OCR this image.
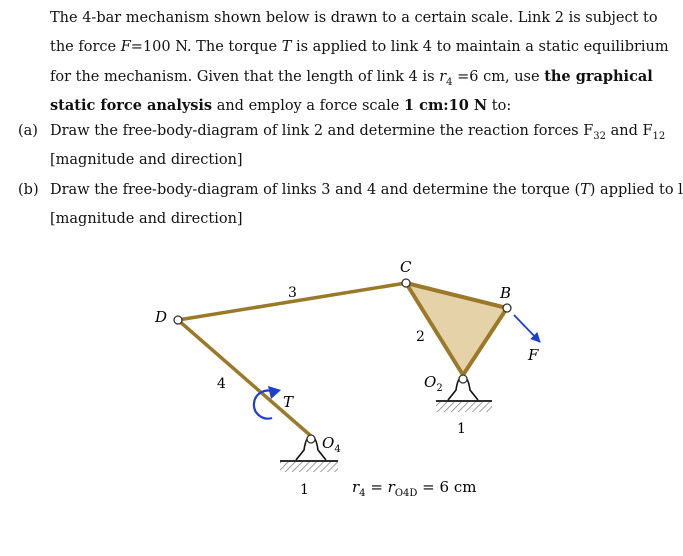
The 4-bar mechanism shown below is drawn to a certain scale. Link 2 is subject to
the force F=100 N. The torque T is applied to link 4 to maintain a static equilibrium
for the mechanism. Given that the length of link 4 is $r_4 =6$ cm, use the graphical
static force analysis and employ a force scale 1 cm:10 N to:
(a) Draw the free-body-diagram of link 2 and determine the reaction forces $F_{32}$ and $F_{12}$
[magnitude and direction]
(b) Draw the free-body-diagram of links 3 and 4 and determine the torque (T) applied to l
[magnitude and direction]
C
B
D
F
T
3
2
4
1
1
$O_2$
$O_4$
$r_4 = r_{O4D} = 6$ cm
